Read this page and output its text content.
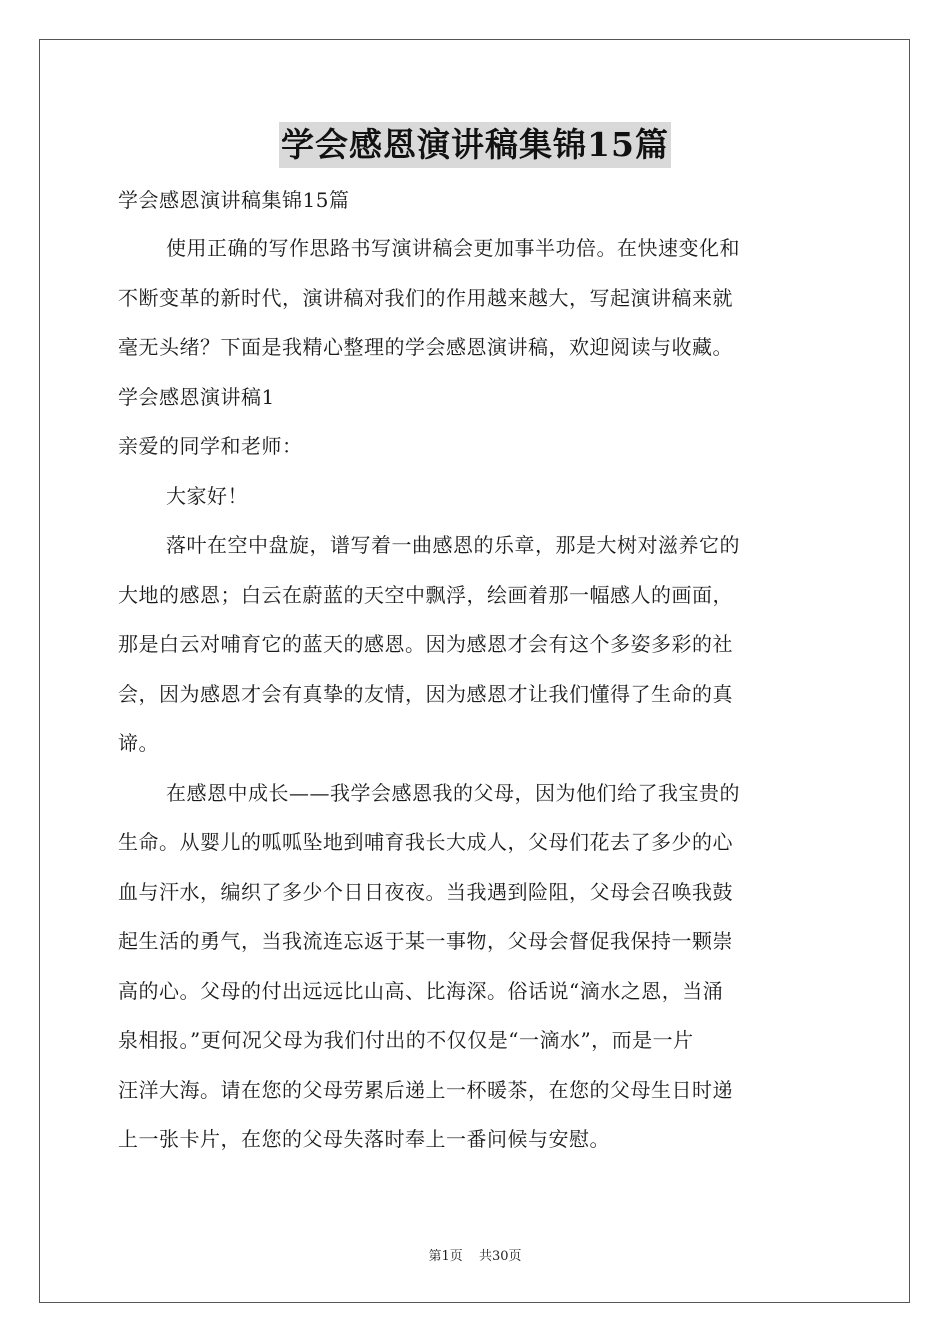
学会感恩演讲稿集锦15篇
学会感恩演讲稿集锦15篇
使用正确的写作思路书写演讲稿会更加事半功倍。在快速变化和
不断变革的新时代，演讲稿对我们的作用越来越大，写起演讲稿来就
毫无头绪？下面是我精心整理的学会感恩演讲稿，欢迎阅读与收藏。
学会感恩演讲稿1
亲爱的同学和老师：
大家好！
落叶在空中盘旋，谱写着一曲感恩的乐章，那是大树对滋养它的
大地的感恩；白云在蔚蓝的天空中飘浮，绘画着那一幅感人的画面，
那是白云对哺育它的蓝天的感恩。因为感恩才会有这个多姿多彩的社
会，因为感恩才会有真挚的友情，因为感恩才让我们懂得了生命的真
谛。
在感恩中成长——我学会感恩我的父母，因为他们给了我宝贵的
生命。从婴儿的呱呱坠地到哺育我长大成人，父母们花去了多少的心
血与汗水，编织了多少个日日夜夜。当我遇到险阻，父母会召唤我鼓
起生活的勇气，当我流连忘返于某一事物，父母会督促我保持一颗崇
高的心。父母的付出远远比山高、比海深。俗话说“滴水之恩，当涌
泉相报。”更何况父母为我们付出的不仅仅是“一滴水”，而是一片
汪洋大海。请在您的父母劳累后递上一杯暖茶，在您的父母生日时递
上一张卡片，在您的父母失落时奉上一番问候与安慰。
第1页 共30页
